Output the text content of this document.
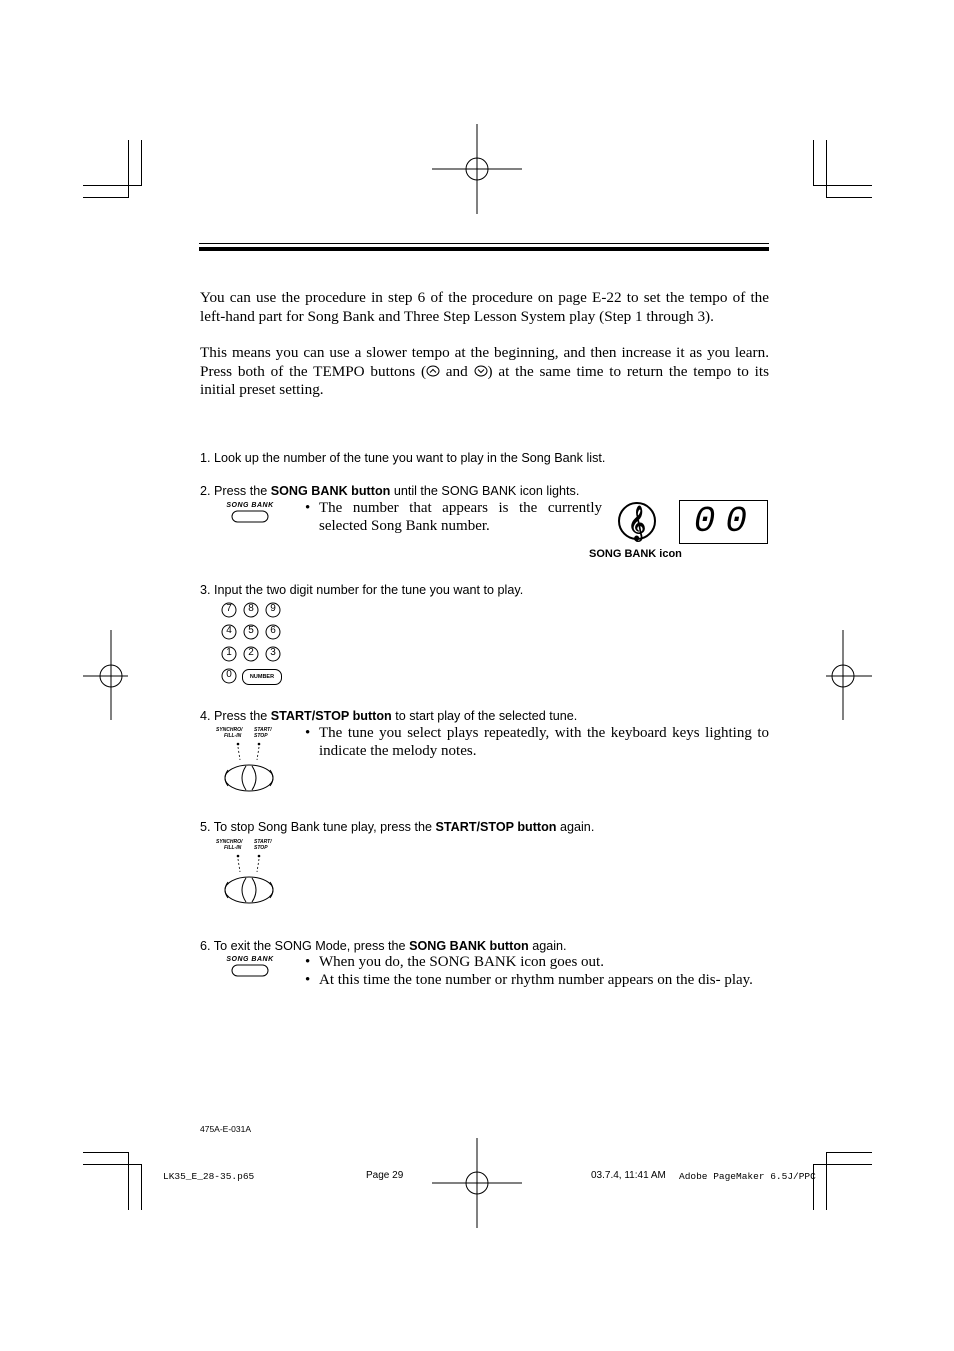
You can use the procedure in step 6 of the procedure on page E-22 to set the tempo of the left-hand part for Song Bank and Three Step Lesson System play (Step 1 through 3).
This means you can use a slower tempo at the beginning, and then increase it as you learn. Press both of the TEMPO buttons ( and ) at the same time to return the tempo to its initial preset setting.
1. Look up the number of the tune you want to play in the Song Bank list.
2. Press the SONG BANK button until the SONG BANK icon lights.
SONG BANK • The number that appears is the currently selected Song Bank number.	𝄞
SONG BANK icon
00
3. Input the two digit number for the tune you want to play.
7	8	9
4	5	6
1	2	3
0	NUMBER
4. Press the START/STOP button to start play of the selected tune.
SYNCHRO/
FILL-IN
START/
STOP • The tune you select plays repeatedly, with the keyboard keys lighting to indicate the melody notes.
5. To stop Song Bank tune play, press the START/STOP button again.
SYNCHRO/
FILL-IN
START/
STOP
6. To exit the SONG Mode, press the SONG BANK button again.
SONG BANK • When you do, the SONG BANK icon goes out.
• At this time the tone number or rhythm number appears on the dis- play.
475A-E-031A
LK35_E_28-35.p65	Page 29	03.7.4, 11:41 AM Adobe PageMaker 6.5J/PPC
